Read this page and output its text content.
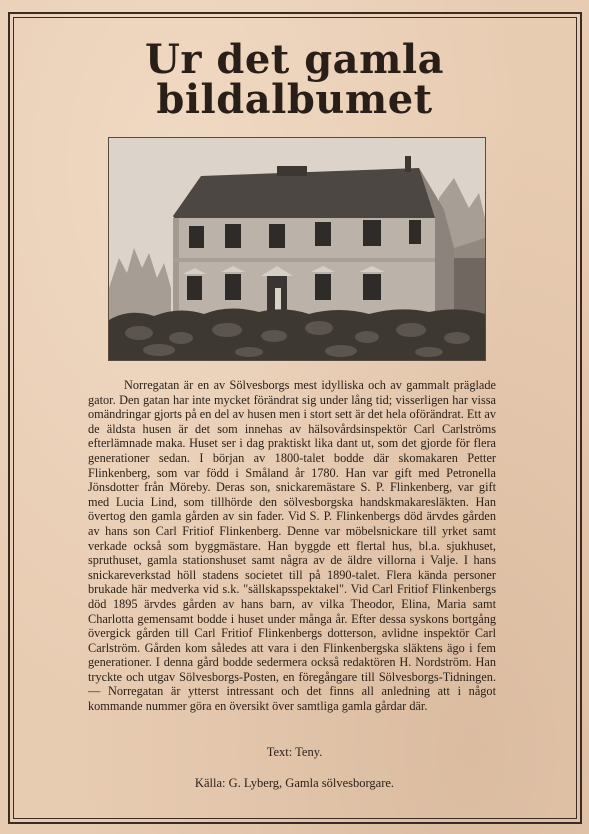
Ur det gamla bildalbumet

Norregatan är en av Sölvesborgs mest idylliska och av gammalt präglade gator. Den gatan har inte mycket förändrat sig under lång tid; visserligen har vissa omändringar gjorts på en del av husen men i stort sett är det hela oförändrat. Ett av de äldsta husen är det som innehas av hälsovårdsinspektör Carl Carlströms efterlämnade maka. Huset ser i dag praktiskt lika dant ut, som det gjorde för flera generationer sedan. I början av 1800-talet bodde där skomakaren Petter Flinkenberg, som var född i Småland år 1780. Han var gift med Petronella Jönsdotter från Möreby. Deras son, snickaremästare S. P. Flinkenberg, var gift med Lucia Lind, som tillhörde den sölvesborgska handskmakaresläkten. Han övertog den gamla gården av sin fader. Vid S. P. Flinkenbergs död ärvdes gården av hans son Carl Fritiof Flinkenberg. Denne var möbelsnickare till yrket samt verkade också som byggmästare. Han byggde ett flertal hus, bl.a. sjukhuset, spruthuset, gamla stationshuset samt några av de äldre villorna i Valje. I hans snickareverkstad höll stadens societet till på 1890-talet. Flera kända personer brukade här medverka vid s.k. "sällskapsspektakel". Vid Carl Fritiof Flinkenbergs död 1895 ärvdes gården av hans barn, av vilka Theodor, Elina, Maria samt Charlotta gemensamt bodde i huset under många år. Efter dessa syskons bortgång övergick gården till Carl Fritiof Flinkenbergs dotterson, avlidne inspektör Carl Carlström. Gården kom således att vara i den Flinkenbergska släktens ägo i fem generationer. I denna gård bodde sedermera också redaktören H. Nordström. Han tryckte och utgav Sölvesborgs-Posten, en föregångare till Sölvesborgs-Tidningen. — Norregatan är ytterst intressant och det finns all anledning att i något kommande nummer göra en översikt över samtliga gamla gårdar där.

Text: Teny.
Källa: G. Lyberg, Gamla sölvesborgare.
